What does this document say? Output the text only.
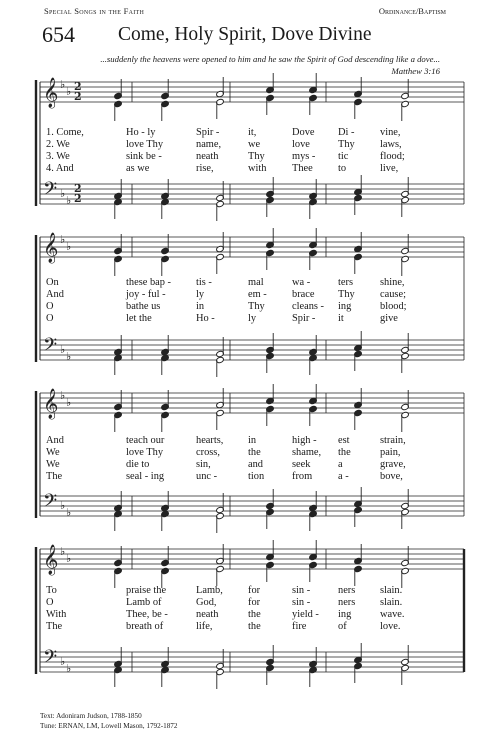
Special Songs in the Faith	Ordinance/Baptism
654 Come, Holy Spirit, Dove Divine
...suddenly the heavens were opened to him and he saw the Spirit of God descending like a dove...
Matthew 3:16
𝄞
𝄢
♭
♭
♭
♭
2
2
2
2
𝄞
𝄢
♭
♭
♭
♭
𝄞
𝄢
♭
♭
♭
♭
𝄞
𝄢
♭
♭
♭
♭
1. Come,	Ho - ly	Spir -	it,	Dove Di - vine,
2. We	love Thy	name,	we	love	Thy laws,
3. We	sink be -	neath	Thy	mys - tic	flood;
4. And	as we	rise,	with Thee to	live,
On	these bap - tis -	mal	wa -	ters	shine,
And	joy - ful -	ly	em - brace Thy cause;
O	bathe us	in	Thy	cleans - ing	blood;
O	let the	Ho -	ly	Spir - it	give
And	teach our	hearts, in	high - est	strain,
We	love Thy	cross,	the	shame, the	pain,
We	die to	sin,	and	seek	a	grave,
The	seal - ing	unc -	tion	from a -	bove,
To	praise the	Lamb, for	sin -	ners slain.
O	Lamb of	God,	for	sin -	ners slain.
With	Thee, be -	neath	the	yield - ing	wave.
The	breath of	life,	the	fire	of	love.
Text: Adoniram Judson, 1788-1850
Tune: ERNAN, LM, Lowell Mason, 1792-1872
